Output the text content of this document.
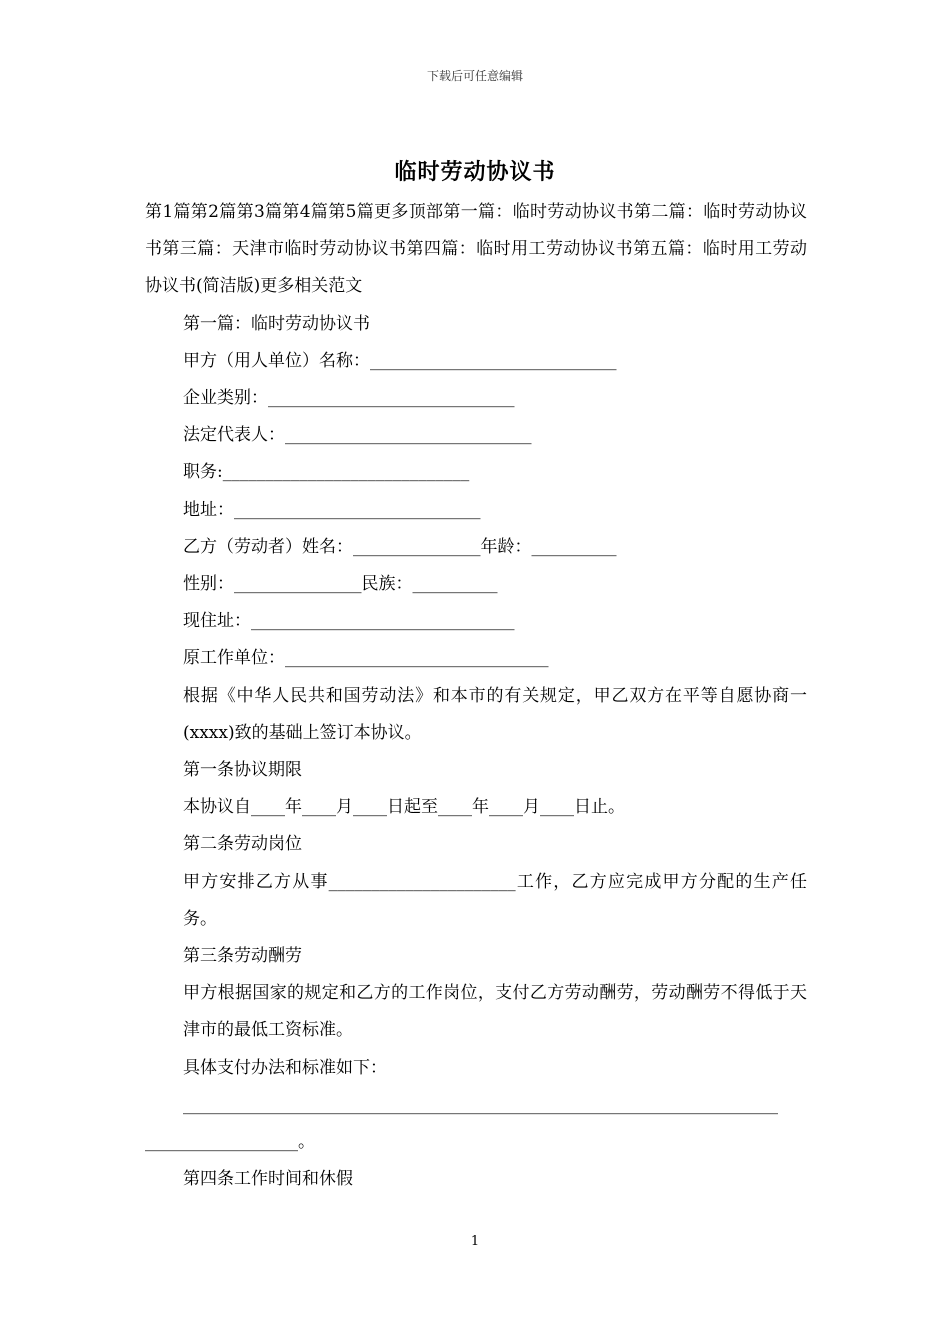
下载后可任意编辑
临时劳动协议书

第1篇第2篇第3篇第4篇第5篇更多顶部第一篇：临时劳动协议书第二篇：临时劳动协议书第三篇：天津市临时劳动协议书第四篇：临时用工劳动协议书第五篇：临时用工劳动协议书(简洁版)更多相关范文

第一篇：临时劳动协议书

甲方（用人单位）名称：_____________________________

企业类别：_____________________________

法定代表人：_____________________________

职务:_____________________________

地址：_____________________________

乙方（劳动者）姓名：_______________年龄：__________

性别：_______________民族：__________

现住址：_______________________________

原工作单位：_______________________________

根据《中华人民共和国劳动法》和本市的有关规定，甲乙双方在平等自愿协商一(xxxx)致的基础上签订本协议。

第一条协议期限

本协议自____年____月____日起至____年____月____日止。

第二条劳动岗位

甲方安排乙方从事______________________工作，乙方应完成甲方分配的生产任务。

第三条劳动酬劳

甲方根据国家的规定和乙方的工作岗位，支付乙方劳动酬劳，劳动酬劳不得低于天津市的最低工资标准。

具体支付办法和标准如下：

______________________________________________________________________

__________________。

第四条工作时间和休假

1
